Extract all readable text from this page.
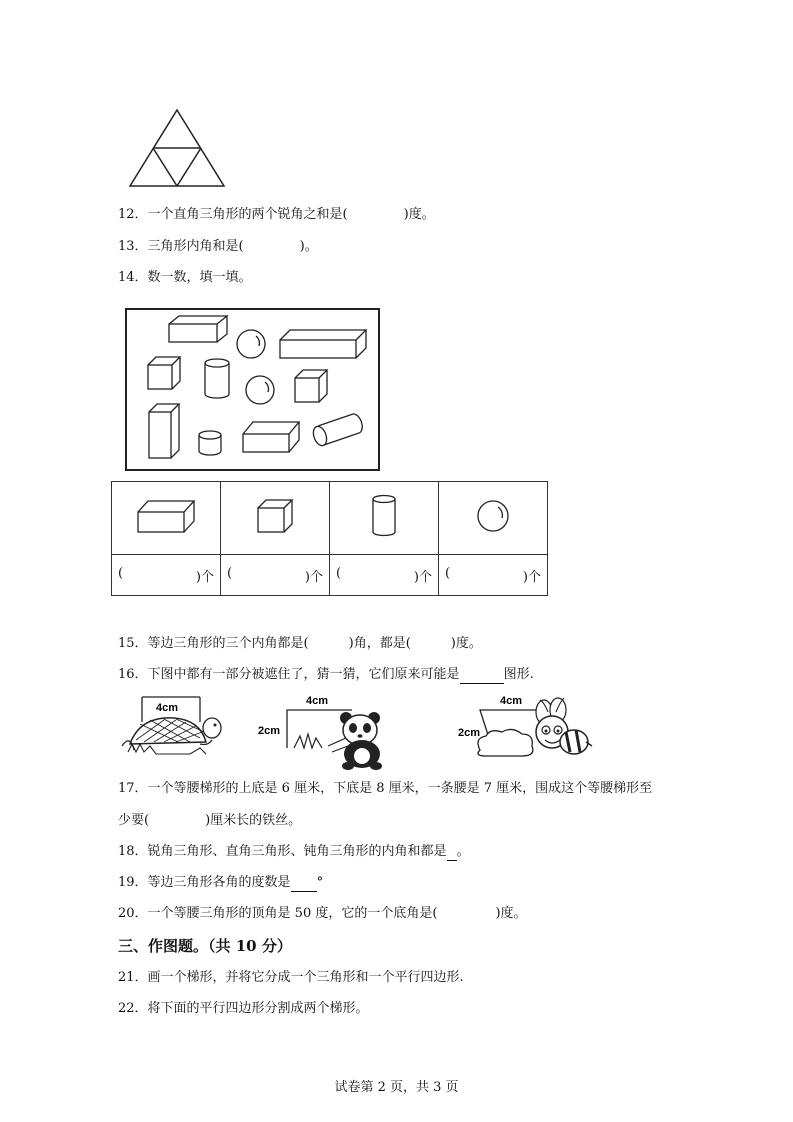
12．一个直角三角形的两个锐角之和是(	)度。
13．三角形内角和是(	)。
14．数一数，填一填。

( )个	( )个	( )个	( )个
15．等边三角形的三个内角都是(	)角，都是(	)度。
16．下图中都有一部分被遮住了，猜一猜，它们原来可能是	图形.
4cm
4cm
2cm
4cm
2cm
17．一个等腰梯形的上底是 6 厘米，下底是 8 厘米，一条腰是 7 厘米，围成这个等腰梯形至
少要(	)厘米长的铁丝。
18．锐角三角形、直角三角形、钝角三角形的内角和都是 。
19．等边三角形各角的度数是 °
20．一个等腰三角形的顶角是 50 度，它的一个底角是(	)度。
三、作图题。（共 10 分）
21．画一个梯形，并将它分成一个三角形和一个平行四边形.
22．将下面的平行四边形分割成两个梯形。
试卷第 2 页，共 3 页
